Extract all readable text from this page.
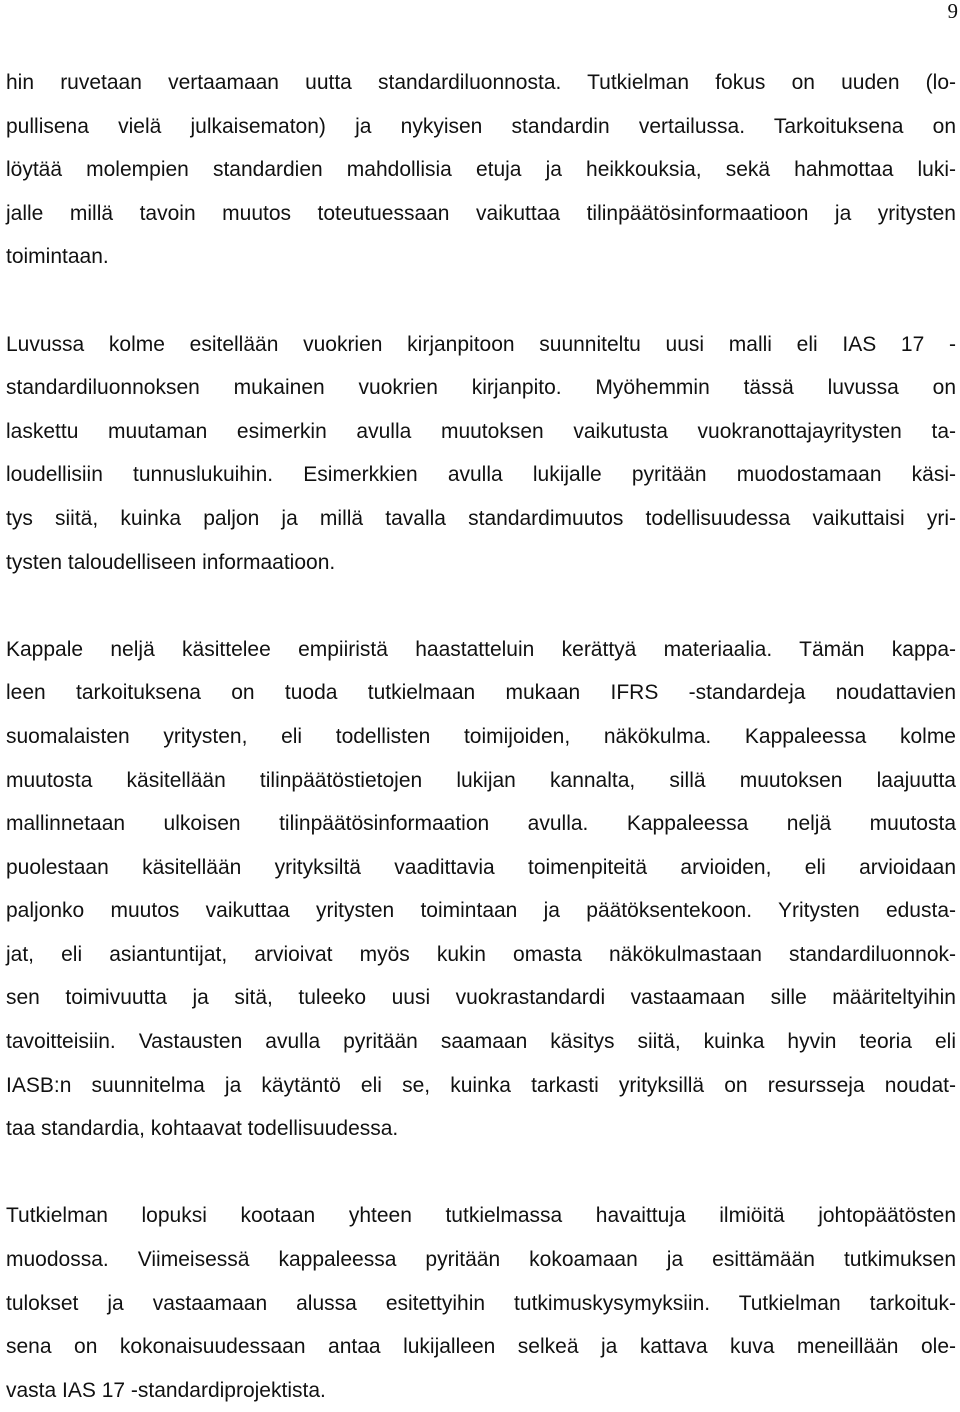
9
hin ruvetaan vertaamaan uutta standardiluonnosta. Tutkielman fokus on uuden (lo-
pullisena vielä julkaisematon) ja nykyisen standardin vertailussa. Tarkoituksena on
löytää molempien standardien mahdollisia etuja ja heikkouksia, sekä hahmottaa luki-
jalle millä tavoin muutos toteutuessaan vaikuttaa tilinpäätösinformaatioon ja yritysten
toimintaan.
Luvussa kolme esitellään vuokrien kirjanpitoon suunniteltu uusi malli eli IAS 17 -
standardiluonnoksen mukainen vuokrien kirjanpito. Myöhemmin tässä luvussa on
laskettu muutaman esimerkin avulla muutoksen vaikutusta vuokranottajayritysten ta-
loudellisiin tunnuslukuihin. Esimerkkien avulla lukijalle pyritään muodostamaan käsi-
tys siitä, kuinka paljon ja millä tavalla standardimuutos todellisuudessa vaikuttaisi yri-
tysten taloudelliseen informaatioon.
Kappale neljä käsittelee empiiristä haastatteluin kerättyä materiaalia. Tämän kappa-
leen tarkoituksena on tuoda tutkielmaan mukaan IFRS -standardeja noudattavien
suomalaisten yritysten, eli todellisten toimijoiden, näkökulma. Kappaleessa kolme
muutosta käsitellään tilinpäätöstietojen lukijan kannalta, sillä muutoksen laajuutta
mallinnetaan ulkoisen tilinpäätösinformaation avulla. Kappaleessa neljä muutosta
puolestaan käsitellään yrityksiltä vaadittavia toimenpiteitä arvioiden, eli arvioidaan
paljonko muutos vaikuttaa yritysten toimintaan ja päätöksentekoon. Yritysten edusta-
jat, eli asiantuntijat, arvioivat myös kukin omasta näkökulmastaan standardiluonnok-
sen toimivuutta ja sitä, tuleeko uusi vuokrastandardi vastaamaan sille määriteltyihin
tavoitteisiin. Vastausten avulla pyritään saamaan käsitys siitä, kuinka hyvin teoria eli
IASB:n suunnitelma ja käytäntö eli se, kuinka tarkasti yrityksillä on resursseja noudat-
taa standardia, kohtaavat todellisuudessa.
Tutkielman lopuksi kootaan yhteen tutkielmassa havaittuja ilmiöitä johtopäätösten
muodossa. Viimeisessä kappaleessa pyritään kokoamaan ja esittämään tutkimuksen
tulokset ja vastaamaan alussa esitettyihin tutkimuskysymyksiin. Tutkielman tarkoituk-
sena on kokonaisuudessaan antaa lukijalleen selkeä ja kattava kuva meneillään ole-
vasta IAS 17 -standardiprojektista.
